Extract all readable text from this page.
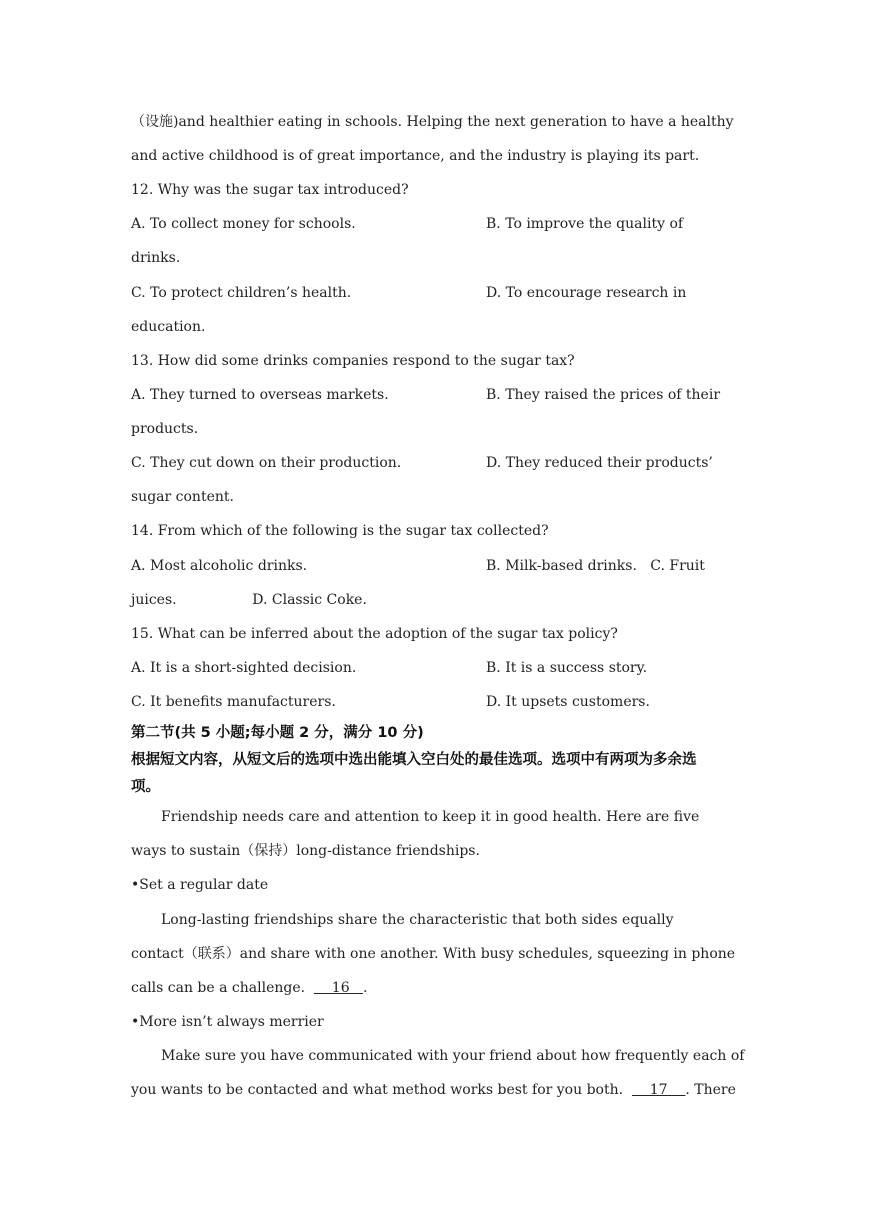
（设施)and healthier eating in schools. Helping the next generation to have a healthy
and active childhood is of great importance, and the industry is playing its part.
12. Why was the sugar tax introduced?
A. To collect money for schools.	B. To improve the quality of
drinks.
C. To protect children’s health.	D. To encourage research in
education.
13. How did some drinks companies respond to the sugar tax?
A. They turned to overseas markets.	B. They raised the prices of their
products.
C. They cut down on their production.	D. They reduced their products’
sugar content.
14. From which of the following is the sugar tax collected?
A. Most alcoholic drinks.	B. Milk-based drinks.   C. Fruit
juices.                 D. Classic Coke.
15. What can be inferred about the adoption of the sugar tax policy?
A. It is a short-sighted decision.	B. It is a success story.
C. It benefits manufacturers.	D. It upsets customers.
第二节(共 5 小题;每小题 2 分，满分 10 分)
根据短文内容，从短文后的选项中选出能填入空白处的最佳选项。选项中有两项为多余选
项。
Friendship needs care and attention to keep it in good health. Here are five
ways to sustain（保持）long-distance friendships.
•Set a regular date
Long-lasting friendships share the characteristic that both sides equally
contact（联系）and share with one another. With busy schedules, squeezing in phone
calls can be a challenge.      16   .
•More isn’t always merrier
Make sure you have communicated with your friend about how frequently each of
you wants to be contacted and what method works best for you both.      17    . There
